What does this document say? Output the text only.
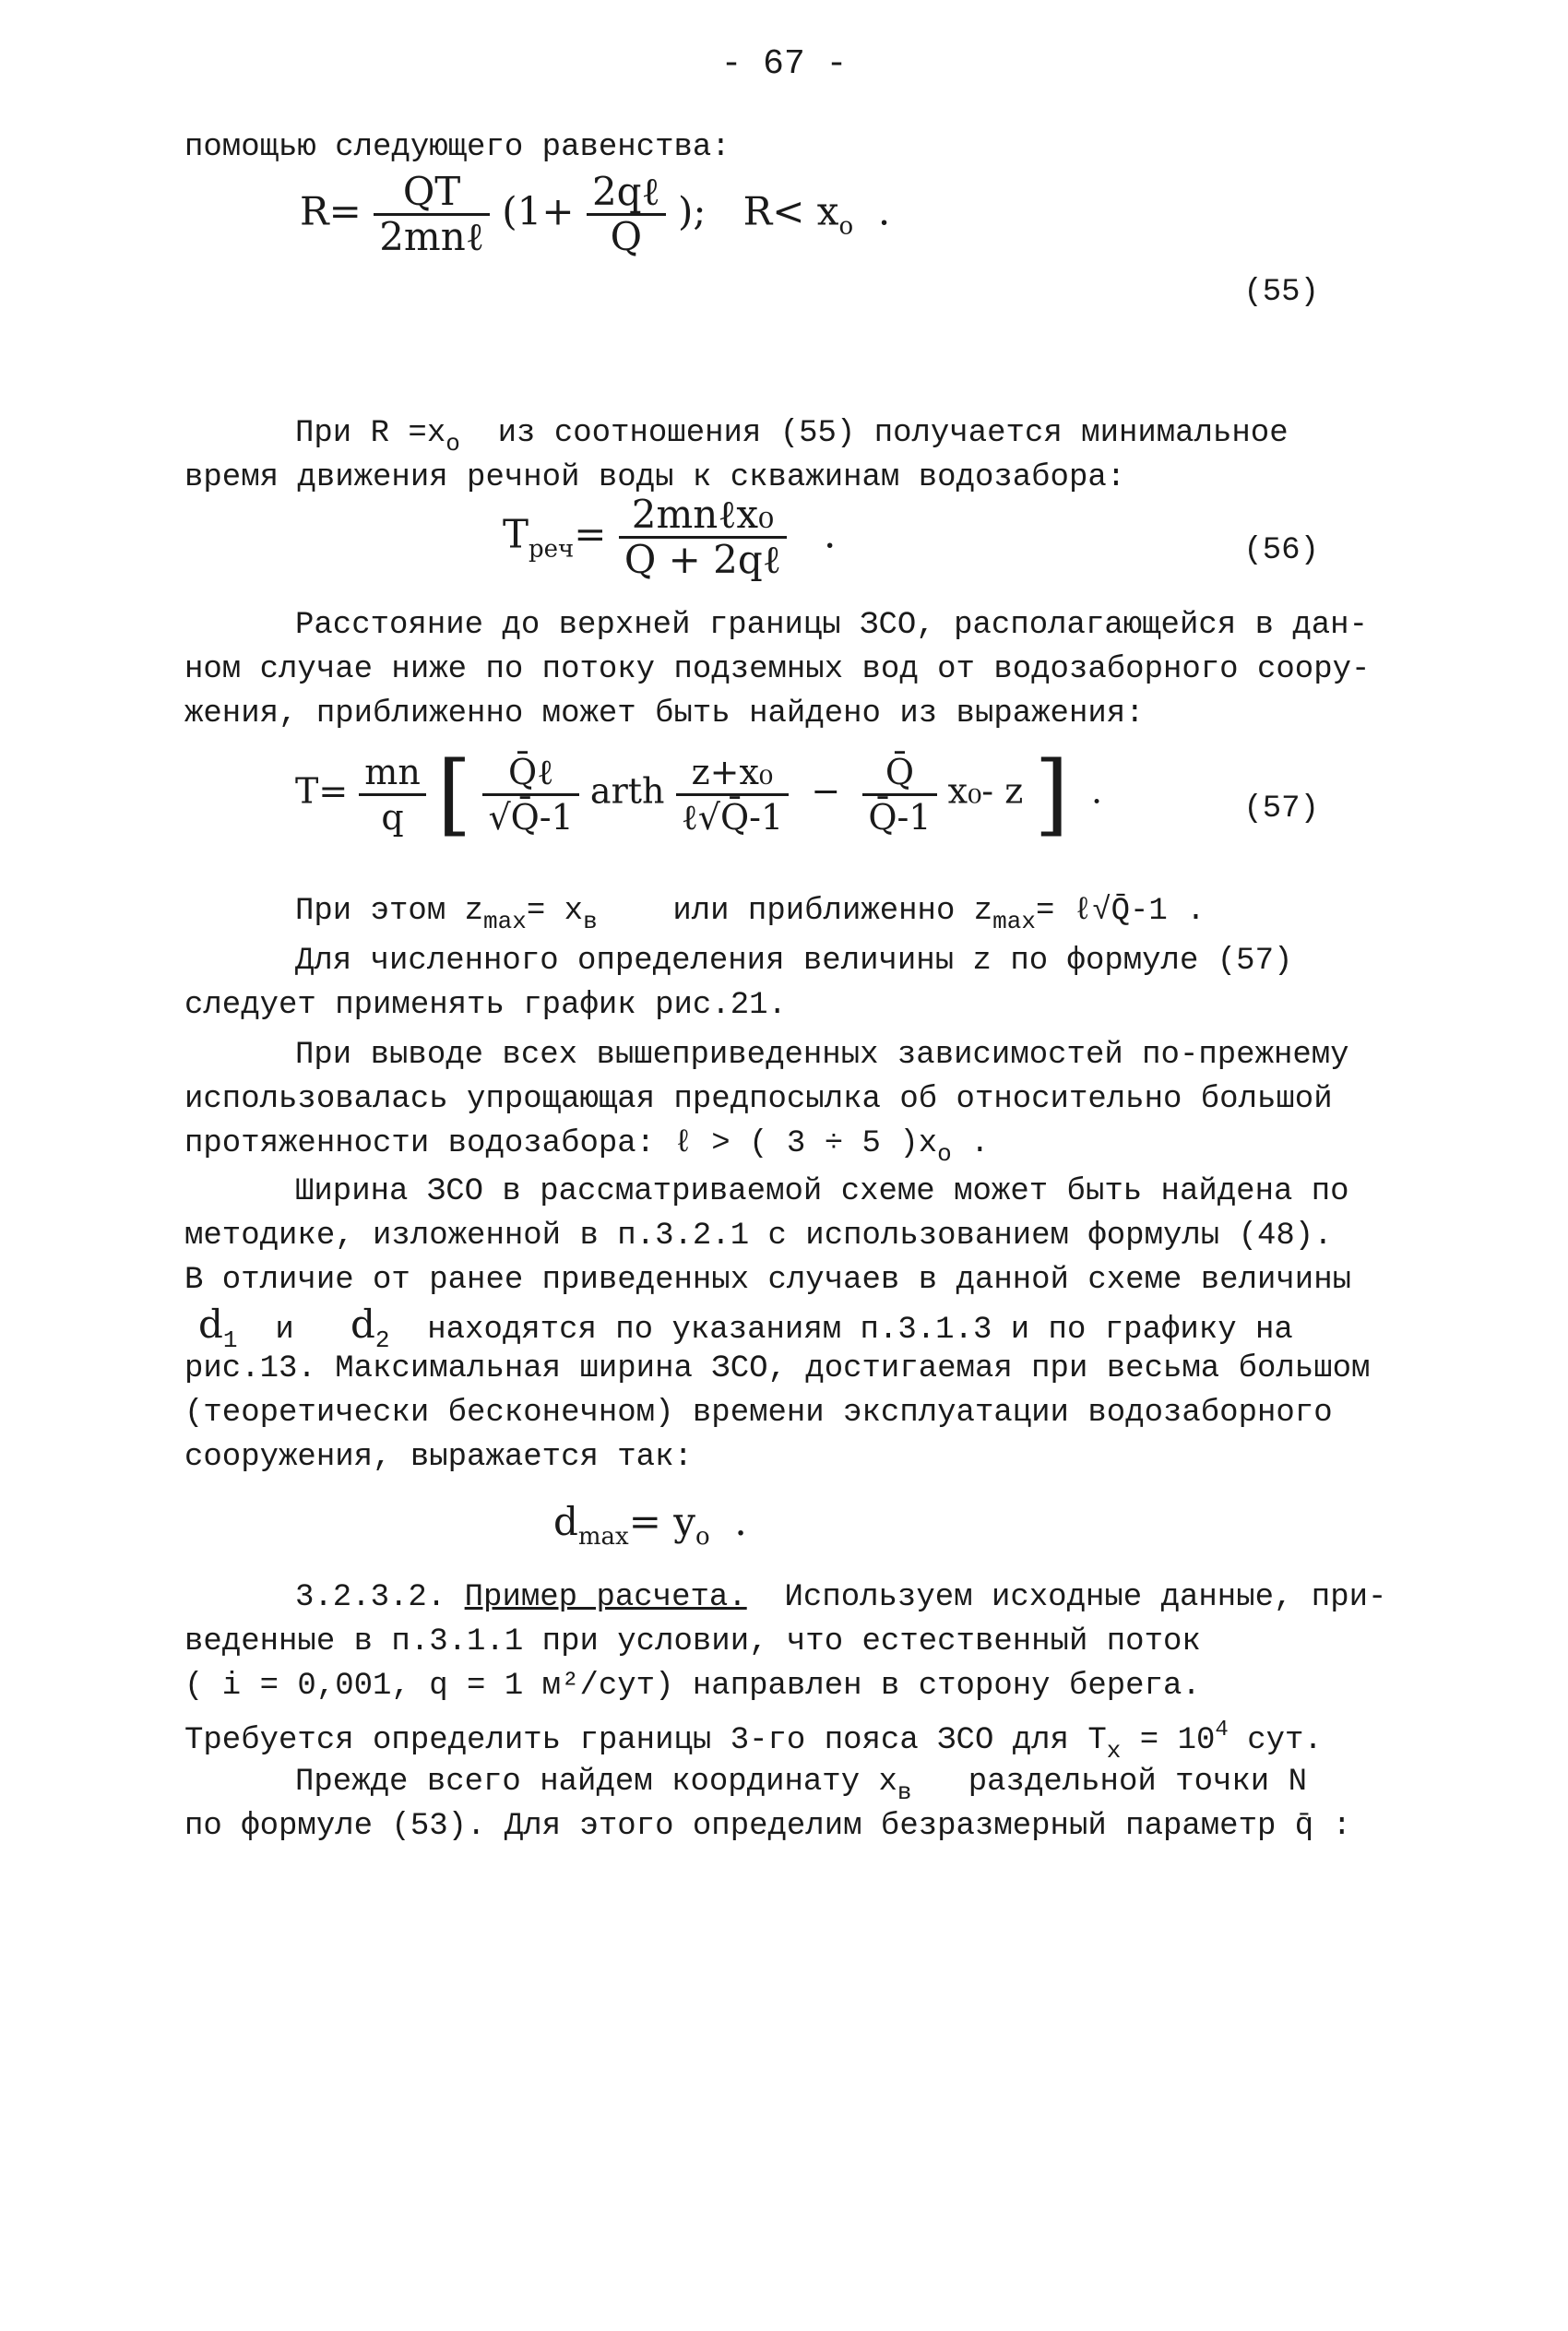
- 67 -
помощью следующего равенства:
$R= \frac{QT}{\text{2mnℓ}} (1+ \frac{\text{2qℓ}}{Q}$ ); $R< x_o$ .
(55)
При $R =x_o$ из соотношения (55) получается минимальное
время движения речной воды к скважинам водозабора:
$T_{реч}= \frac{\text{2mnℓx₀}}{\text{Q + 2qℓ}}$ .	(56)
Расстояние до верхней границы ЗСО, располагающейся в дан-
ном случае ниже по потоку подземных вод от водозаборного соору-
жения, приближенно может быть найдено из выражения:
$T= \frac{mn}{q}$ [ $\frac{\text{Q̄ℓ}}{√Q̄-1}$ arth $\frac{\text{z+x₀}}{\text{ℓ√Q̄-1}} - \frac{Q̄}{Q̄-1} x_0-$ z ] .	(57)
При этом $z_{max}= x_в$ или приближенно $z_{max}=$ ℓ√Q̄-1 .
Для численного определения величины z по формуле (57)
следует применять график рис.21.
При выводе всех вышеприведенных зависимостей по-прежнему
использовалась упрощающая предпосылка об относительно большой
протяженности водозабора: ℓ > ( 3 ÷ 5 )$x_o$ .
Ширина ЗСО в рассматриваемой схеме может быть найдена по
методике, изложенной в п.3.2.1 с использованием формулы (48).
В отличие от ранее приведенных случаев в данной схеме величины
$d_1$ и $d_2$ находятся по указаниям п.3.1.3 и по графику на
рис.13. Максимальная ширина ЗСО, достигаемая при весьма большом
(теоретически бесконечном) времени эксплуатации водозаборного
сооружения, выражается так:
$d_{max}= y_o$ .
3.2.3.2. Пример расчета. Используем исходные данные, при-
веденные в п.3.1.1 при условии, что естественный поток
( i = 0,001, q = 1 м²/сут) направлен в сторону берега.
Требуется определить границы 3-го пояса ЗСО для $T_x = 10^4$ сут.
Прежде всего найдем координату $x_в$ раздельной точки N
по формуле (53). Для этого определим безразмерный параметр q̄ :
